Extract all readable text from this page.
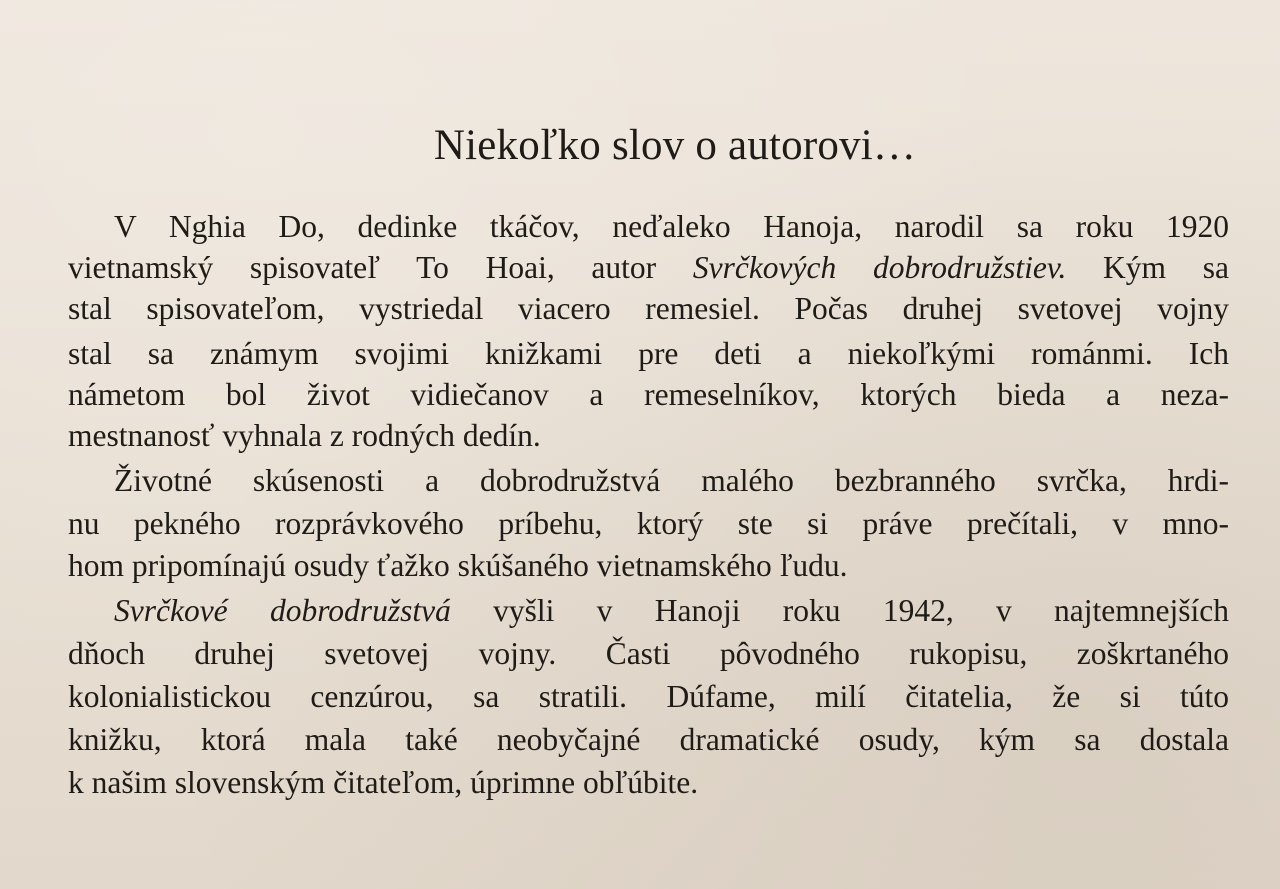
Niekoľko slov o autorovi…
V Nghia Do, dedinke tkáčov, neďaleko Hanoja, narodil sa roku 1920
vietnamský spisovateľ To Hoai, autor Svrčkových dobrodružstiev. Kým sa
stal spisovateľom, vystriedal viacero remesiel. Počas druhej svetovej vojny
stal sa známym svojimi knižkami pre deti a niekoľkými románmi. Ich
námetom bol život vidiečanov a remeselníkov, ktorých bieda a neza-
mestnanosť vyhnala z rodných dedín.
Životné skúsenosti a dobrodružstvá malého bezbranného svrčka, hrdi-
nu pekného rozprávkového príbehu, ktorý ste si práve prečítali, v mno-
hom pripomínajú osudy ťažko skúšaného vietnamského ľudu.
Svrčkové dobrodružstvá vyšli v Hanoji roku 1942, v najtemnejších
dňoch druhej svetovej vojny. Časti pôvodného rukopisu, zoškrtaného
kolonialistickou cenzúrou, sa stratili. Dúfame, milí čitatelia, že si túto
knižku, ktorá mala také neobyčajné dramatické osudy, kým sa dostala
k našim slovenským čitateľom, úprimne obľúbite.
